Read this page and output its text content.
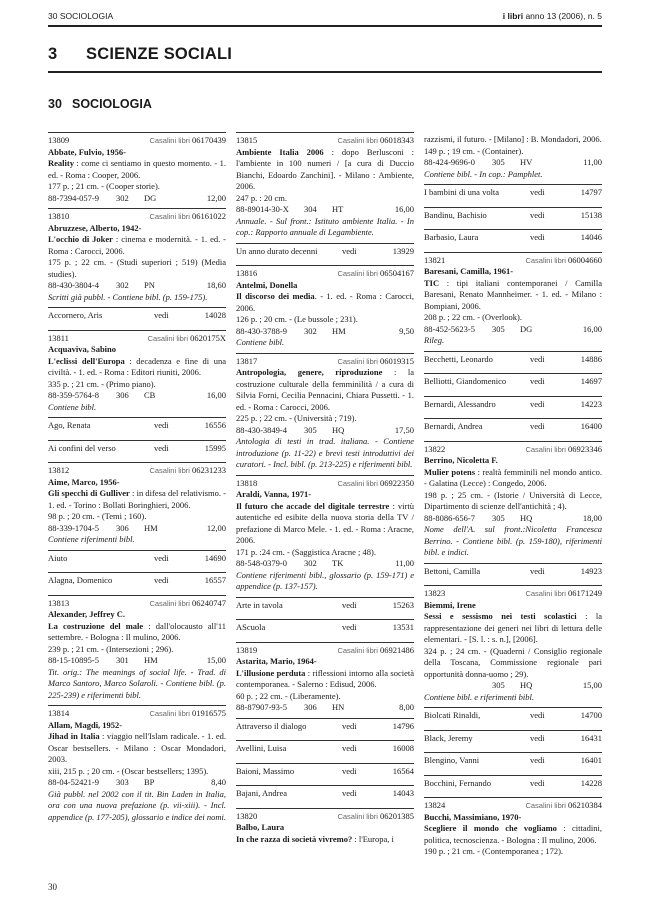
30 SOCIOLOGIA	i libri anno 13 (2006), n. 5
3 SCIENZE SOCIALI
30 SOCIOLOGIA
13809	Casalini libri 06170439

Abbate, Fulvio, 1956-

Reality : come ci sentiamo in questo momento. - 1. ed. - Roma : Cooper, 2006.

177 p. ; 21 cm. - (Cooper storie).

88-7394-057-9 302 DG	12,00
13810	Casalini libri 06161022

Abruzzese, Alberto, 1942-

L'occhio di Joker : cinema e modernità. - 1. ed. - Roma : Carocci, 2006.

175 p. ; 22 cm. - (Studi superiori ; 519) (Media studies).

88-430-3804-4 302 PN	18,60

Scritti già pubbl. - Contiene bibl. (p. 159-175).

Accornero, Aris	vedi	14028
13811	Casalini libri 0620175X

Acquaviva, Sabino

L'eclissi dell'Europa : decadenza e fine di una civiltà. - 1. ed. - Roma : Editori riuniti, 2006.

335 p. ; 21 cm. - (Primo piano).

88-359-5764-8 306 CB	16,00

Contiene bibl.

Ago, Renata	vedi	16556
Ai confini del verso	vedi	15995
13812	Casalini libri 06231233

Aime, Marco, 1956-

Gli specchi di Gulliver : in difesa del relativismo. - 1. ed. - Torino : Bollati Boringhieri, 2006.

98 p. ; 20 cm. - (Temi ; 160).

88-339-1704-5 306 HM	12,00

Contiene riferimenti bibl.

Aiuto	vedi	14690
Alagna, Domenico	vedi	16557
13813	Casalini libri 06240747

Alexander, Jeffrey C.

La costruzione del male : dall'olocausto all'11 settembre. - Bologna : Il mulino, 2006.

239 p. ; 21 cm. - (Intersezioni ; 296).

88-15-10895-5 301 HM	15,00

Tit. orig.: The meanings of social life. - Trad. di Marco Santoro, Marco Solaroli. - Contiene bibl. (p. 225-239) e riferimenti bibl.

13814	Casalini libri 01916575

Allam, Magdi, 1952-

Jihad in Italia : viaggio nell'Islam radicale. - 1. ed. Oscar bestsellers. - Milano : Oscar Mondadori, 2003.

xiii, 215 p. ; 20 cm. - (Oscar bestsellers; 1395).

88-04-52421-9 303 BP	8,40

Già pubbl. nel 2002 con il tit. Bin Laden in Italia, ora con una nuova prefazione (p. vii-xiii). - Incl. appendice (p. 177-205), glossario e indice dei nomi.

13815	Casalini libri 06018343

Ambiente Italia 2006 : dopo Berlusconi : l'ambiente in 100 numeri / [a cura di Duccio Bianchi, Edoardo Zanchini]. - Milano : Ambiente, 2006.

247 p. : 20 cm.

88-89014-30-X 304 HT	16,00

Annuale. - Sul front.: Istituto ambiente Italia. - In cop.: Rapporto annuale di Legambiente.

Un anno durato decenni	vedi	13929
13816	Casalini libri 06504167

Antelmi, Donella

Il discorso dei media. - 1. ed. - Roma : Carocci, 2006.

126 p. ; 20 cm. - (Le bussole ; 231).

88-430-3788-9 302 HM	9,50

Contiene bibl.

13817	Casalini libri 06019315

Antropologia, genere, riproduzione : la costruzione culturale della femminilità / a cura di Silvia Forni, Cecilia Pennacini, Chiara Pussetti. - 1. ed. - Roma : Carocci, 2006.

225 p. ; 22 cm. - (Università ; 719).

88-430-3849-4 305 HQ	17,50

Antologia di testi in trad. italiana. - Contiene introduzione (p. 11-22) e brevi testi introduttivi dei curatori. - Incl. bibl. (p. 213-225) e riferimenti bibl.

13818	Casalini libri 06922350

Araldi, Vanna, 1971-

Il futuro che accade del digitale terrestre : virtù autentiche ed esibite della nuova storia della TV / prefazione di Marco Mele. - 1. ed. - Roma : Aracne, 2006.

171 p. :24 cm. - (Saggistica Aracne ; 48).

88-548-0379-0 302 TK	11,00

Contiene riferimenti bibl., glossario (p. 159-171) e appendice (p. 137-157).

Arte in tavola	vedi	15263
AScuola	vedi	13531
13819	Casalini libri 06921486

Astarita, Mario, 1964-

L'illusione perduta : riflessioni intorno alla società contemporanea. - Salerno : Edisud, 2006.

60 p. ; 22 cm. - (Liberamente).

88-87907-93-5 306 HN	8,00
Attraverso il dialogo	vedi	14796
Avellini, Luisa	vedi	16008
Baioni, Massimo	vedi	16564
Bajani, Andrea	vedi	14043
13820	Casalini libri 06201385

Balbo, Laura

In che razza di società vivremo? : l'Europa, i

razzismi, il futuro. - [Milano] : B. Mondadori, 2006.

149 p. ; 19 cm. - (Container).

88-424-9696-0 305 HV	11,00

Contiene bibl. - In cop.: Pamphlet.

I bambini di una volta	vedi	14797
Bandinu, Bachisio	vedi	15138
Barbasio, Laura	vedi	14046
13821	Casalini libri 06004660

Baresani, Camilla, 1961-

TIC : tipi italiani contemporanei / Camilla Baresani, Renato Mannheimer. - 1. ed. - Milano : Bompiani, 2006.

208 p. ; 22 cm. - (Overlook).

88-452-5623-5 305 DG	16,00

Rileg.

Becchetti, Leonardo	vedi	14886
Belliotti, Giandomenico	vedi	14697
Bernardi, Alessandro	vedi	14223
Bernardi, Andrea	vedi	16400
13822	Casalini libri 06923346

Berrino, Nicoletta F.

Mulier potens : realtà femminili nel mondo antico. - Galatina (Lecce) : Congedo, 2006.

198 p. ; 25 cm. - (Istorie / Università di Lecce, Dipartimento di scienze dell'antichità ; 4).

88-8086-656-7 305 HQ	18,00

Nome dell'A. sul front.:Nicoletta Francesca Berrino. - Contiene bibl. (p. 159-180), riferimenti bibl. e indici.

Bettoni, Camilla	vedi	14923
13823	Casalini libri 06171249

Biemmi, Irene

Sessi e sessismo nei testi scolastici : la rappresentazione dei generi nei libri di lettura delle elementari. - [S. l. : s. n.], [2006].

324 p. ; 24 cm. - (Quaderni / Consiglio regionale della Toscana, Commissione regionale pari opportunità donna-uomo ; 29).

305 HQ	15,00

Contiene bibl. e riferimenti bibl.

Biolcati Rinaldi,	vedi	14700
Black, Jeremy	vedi	16431
Blengino, Vanni	vedi	16401
Bocchini, Fernando	vedi	14228
13824	Casalini libri 06210384

Bucchi, Massimiano, 1970-

Scegliere il mondo che vogliamo : cittadini, politica, tecnoscienza. - Bologna : Il mulino, 2006.

190 p. ; 21 cm. - (Contemporanea ; 172).

30
